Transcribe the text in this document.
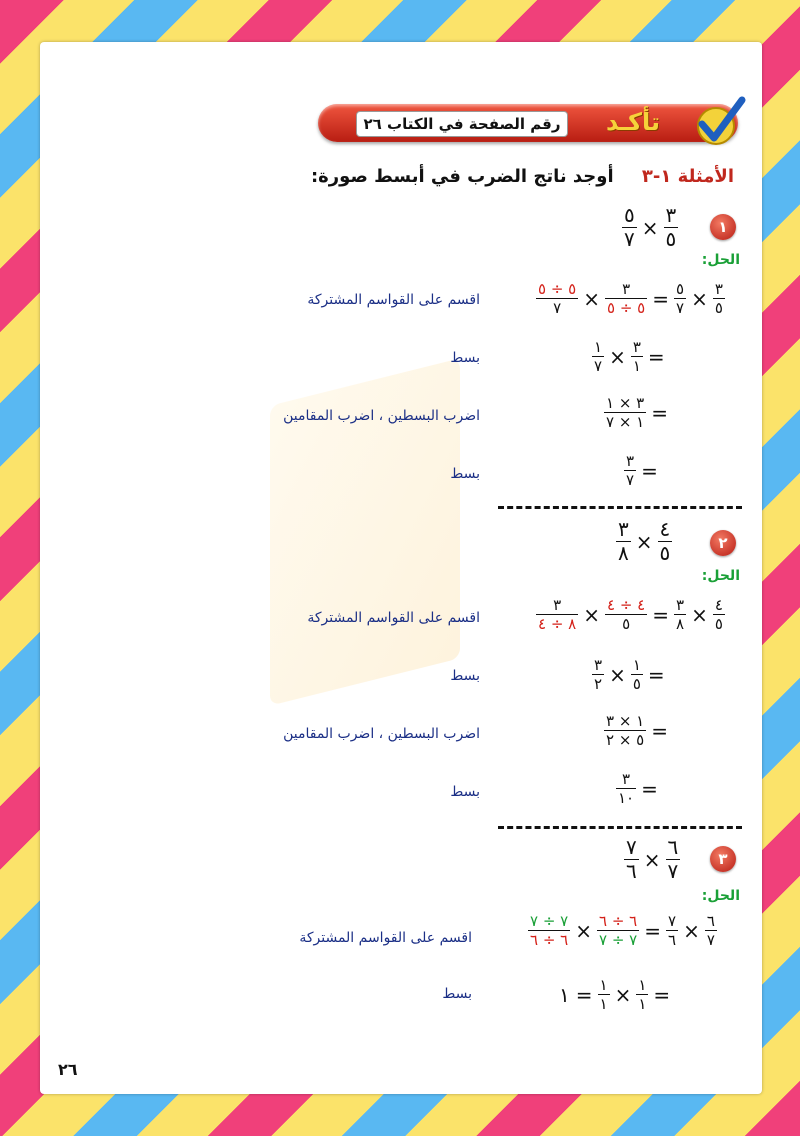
رقم الصفحة في الكتاب ٢٦	تأكـد
الأمثلة ١-٣ أوجد ناتج الضرب في أبسط صورة:
١
٣
٥
×
٥
٧
الحل:
٣
٥
×
٥
٧
=
٣
٥ ÷ ٥
×
٥ ÷ ٥
٧
اقسم على القواسم المشتركة
=
٣
١
×
١
٧
بسط
=
٣ × ١
١ × ٧
اضرب البسطين ، اضرب المقامين
=
٣
٧
بسط
٢
٤
٥
×
٣
٨
الحل:
٤
٥
×
٣
٨
=
٤ ÷ ٤
٥
×
٣
٨ ÷ ٤
اقسم على القواسم المشتركة
=
١
٥
×
٣
٢
بسط
=
١ × ٣
٥ × ٢
اضرب البسطين ، اضرب المقامين
=
٣
١٠
بسط
٣
٦
٧
×
٧
٦
الحل:
٦
٧
×
٧
٦
=
٦ ÷ ٦
٧ ÷ ٧
×
٧ ÷ ٧
٦ ÷ ٦
اقسم على القواسم المشتركة
=
١
١
×
١
١
=
١
بسط
٢٦
